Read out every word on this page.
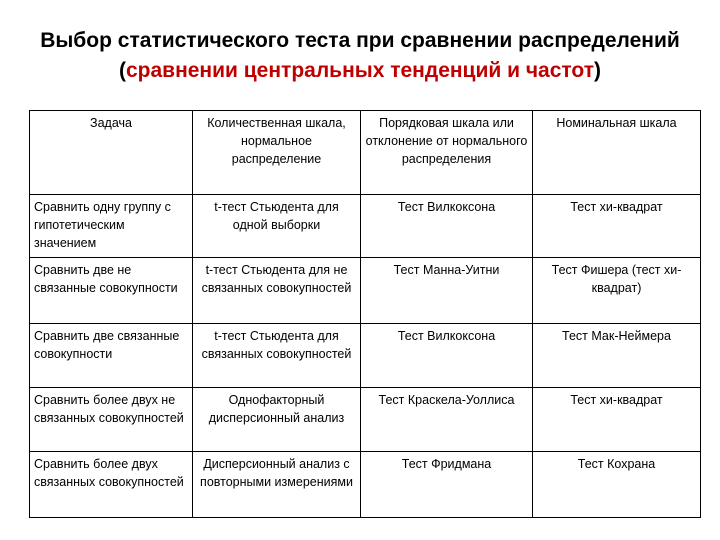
Выбор статистического теста при сравнении распределений
(сравнении центральных тенденций и частот)
Задача	Количественная шкала, нормальное распределение	Порядковая шкала или отклонение от нормального распределения	Номинальная шкала
Сравнить одну группу с гипотетическим значением	t-тест Стьюдента для одной выборки	Тест Вилкоксона	Тест хи-квадрат
Сравнить две не связанные совокупности	t-тест Стьюдента для не связанных совокупностей	Тест Манна-Уитни	Тест Фишера (тест хи-квадрат)
Сравнить две связанные совокупности	t-тест Стьюдента для связанных совокупностей	Тест Вилкоксона	Тест Мак-Неймера
Сравнить более двух не связанных совокупностей	Однофакторный дисперсионный анализ	Тест Краскела-Уоллиса	Тест хи-квадрат
Сравнить более двух связанных совокупностей	Дисперсионный анализ с повторными измерениями	Тест Фридмана	Тест Кохрана
